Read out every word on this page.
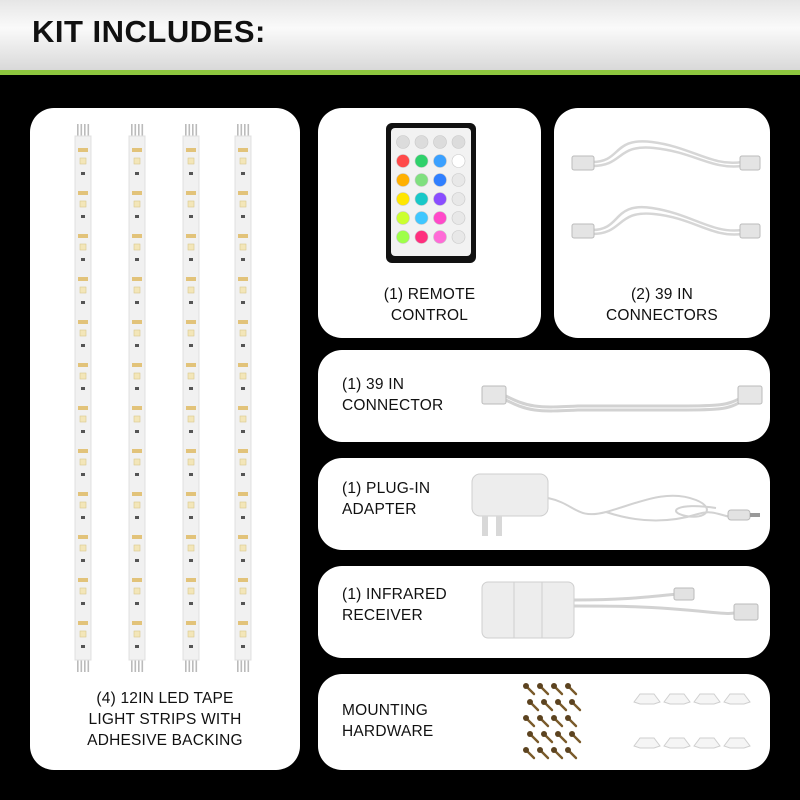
KIT INCLUDES:
(4) 12IN LED TAPE
LIGHT STRIPS WITH
ADHESIVE BACKING
(1) REMOTE
CONTROL
(2) 39 IN
CONNECTORS
(1) 39 IN
CONNECTOR
(1) PLUG-IN
ADAPTER
(1) INFRARED
RECEIVER
MOUNTING
HARDWARE
